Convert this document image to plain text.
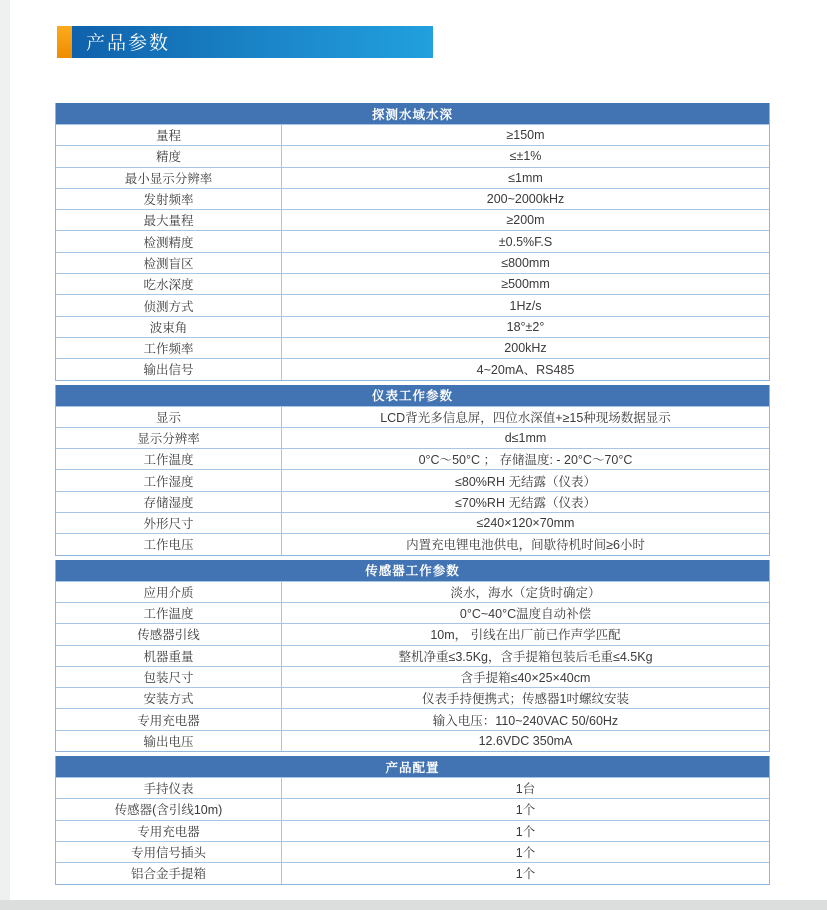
产品参数
探测水域水深
量程	≥150m
精度	≤±1%
最小显示分辨率	≤1mm
发射频率	200~2000kHz
最大量程	≥200m
检测精度	±0.5%F.S
检测盲区	≤800mm
吃水深度	≥500mm
侦测方式	1Hz/s
波束角	18°±2°
工作频率	200kHz
输出信号	4~20mA、RS485
仪表工作参数
显示	LCD背光多信息屏，四位水深值+≥15种现场数据显示
显示分辨率	d≤1mm
工作温度	0°C～50°C ； 存储温度: - 20°C～70°C
工作湿度	≤80%RH 无结露（仪表）
存储湿度	≤70%RH 无结露（仪表）
外形尺寸	≤240×120×70mm
工作电压	内置充电锂电池供电，间歇待机时间≥6小时
传感器工作参数
应用介质	淡水，海水（定货时确定）
工作温度	0°C~40°C温度自动补偿
传感器引线	10m， 引线在出厂前已作声学匹配
机器重量	整机净重≤3.5Kg，含手提箱包装后毛重≤4.5Kg
包装尺寸	含手提箱≤40×25×40cm
安装方式	仪表手持便携式；传感器1吋螺纹安装
专用充电器	输入电压：110~240VAC 50/60Hz
输出电压	12.6VDC 350mA
产品配置
手持仪表	1台
传感器(含引线10m)	1个
专用充电器	1个
专用信号插头	1个
铝合金手提箱	1个
